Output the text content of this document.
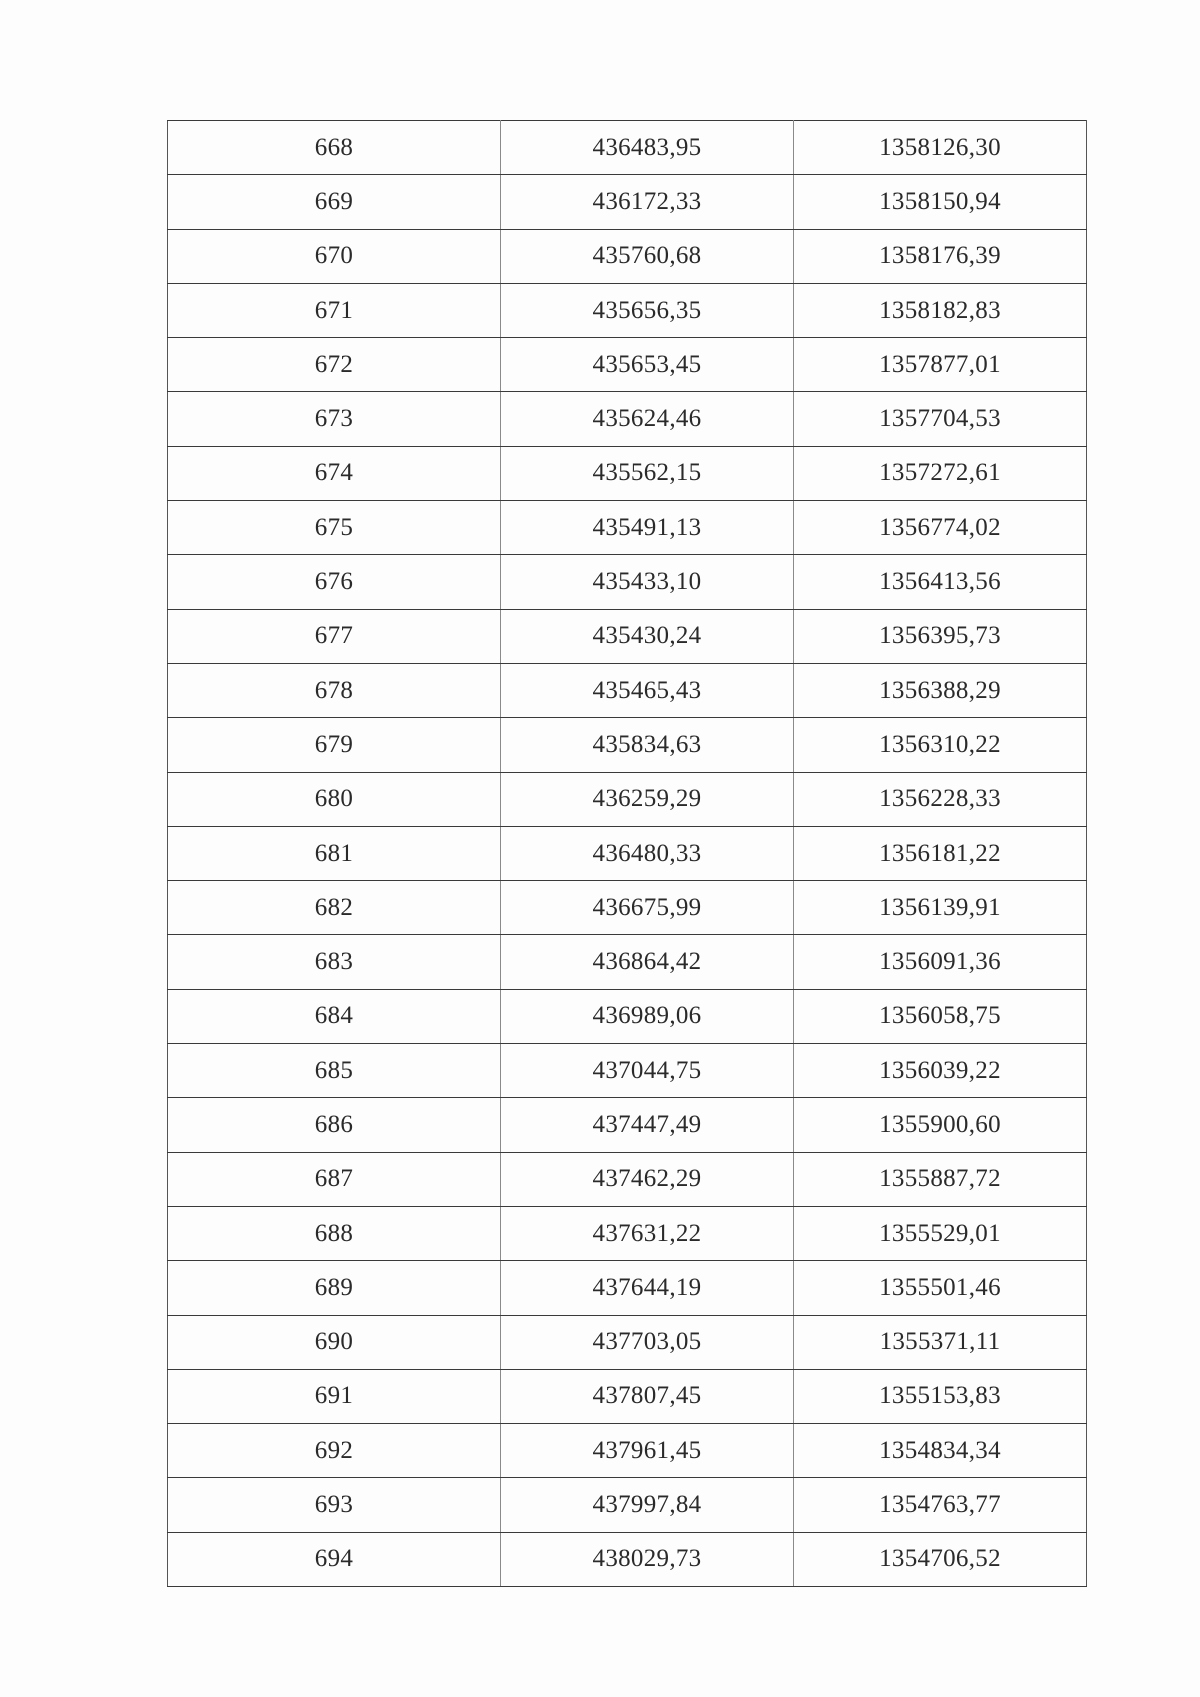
668	436483,95	1358126,30
669	436172,33	1358150,94
670	435760,68	1358176,39
671	435656,35	1358182,83
672	435653,45	1357877,01
673	435624,46	1357704,53
674	435562,15	1357272,61
675	435491,13	1356774,02
676	435433,10	1356413,56
677	435430,24	1356395,73
678	435465,43	1356388,29
679	435834,63	1356310,22
680	436259,29	1356228,33
681	436480,33	1356181,22
682	436675,99	1356139,91
683	436864,42	1356091,36
684	436989,06	1356058,75
685	437044,75	1356039,22
686	437447,49	1355900,60
687	437462,29	1355887,72
688	437631,22	1355529,01
689	437644,19	1355501,46
690	437703,05	1355371,11
691	437807,45	1355153,83
692	437961,45	1354834,34
693	437997,84	1354763,77
694	438029,73	1354706,52
